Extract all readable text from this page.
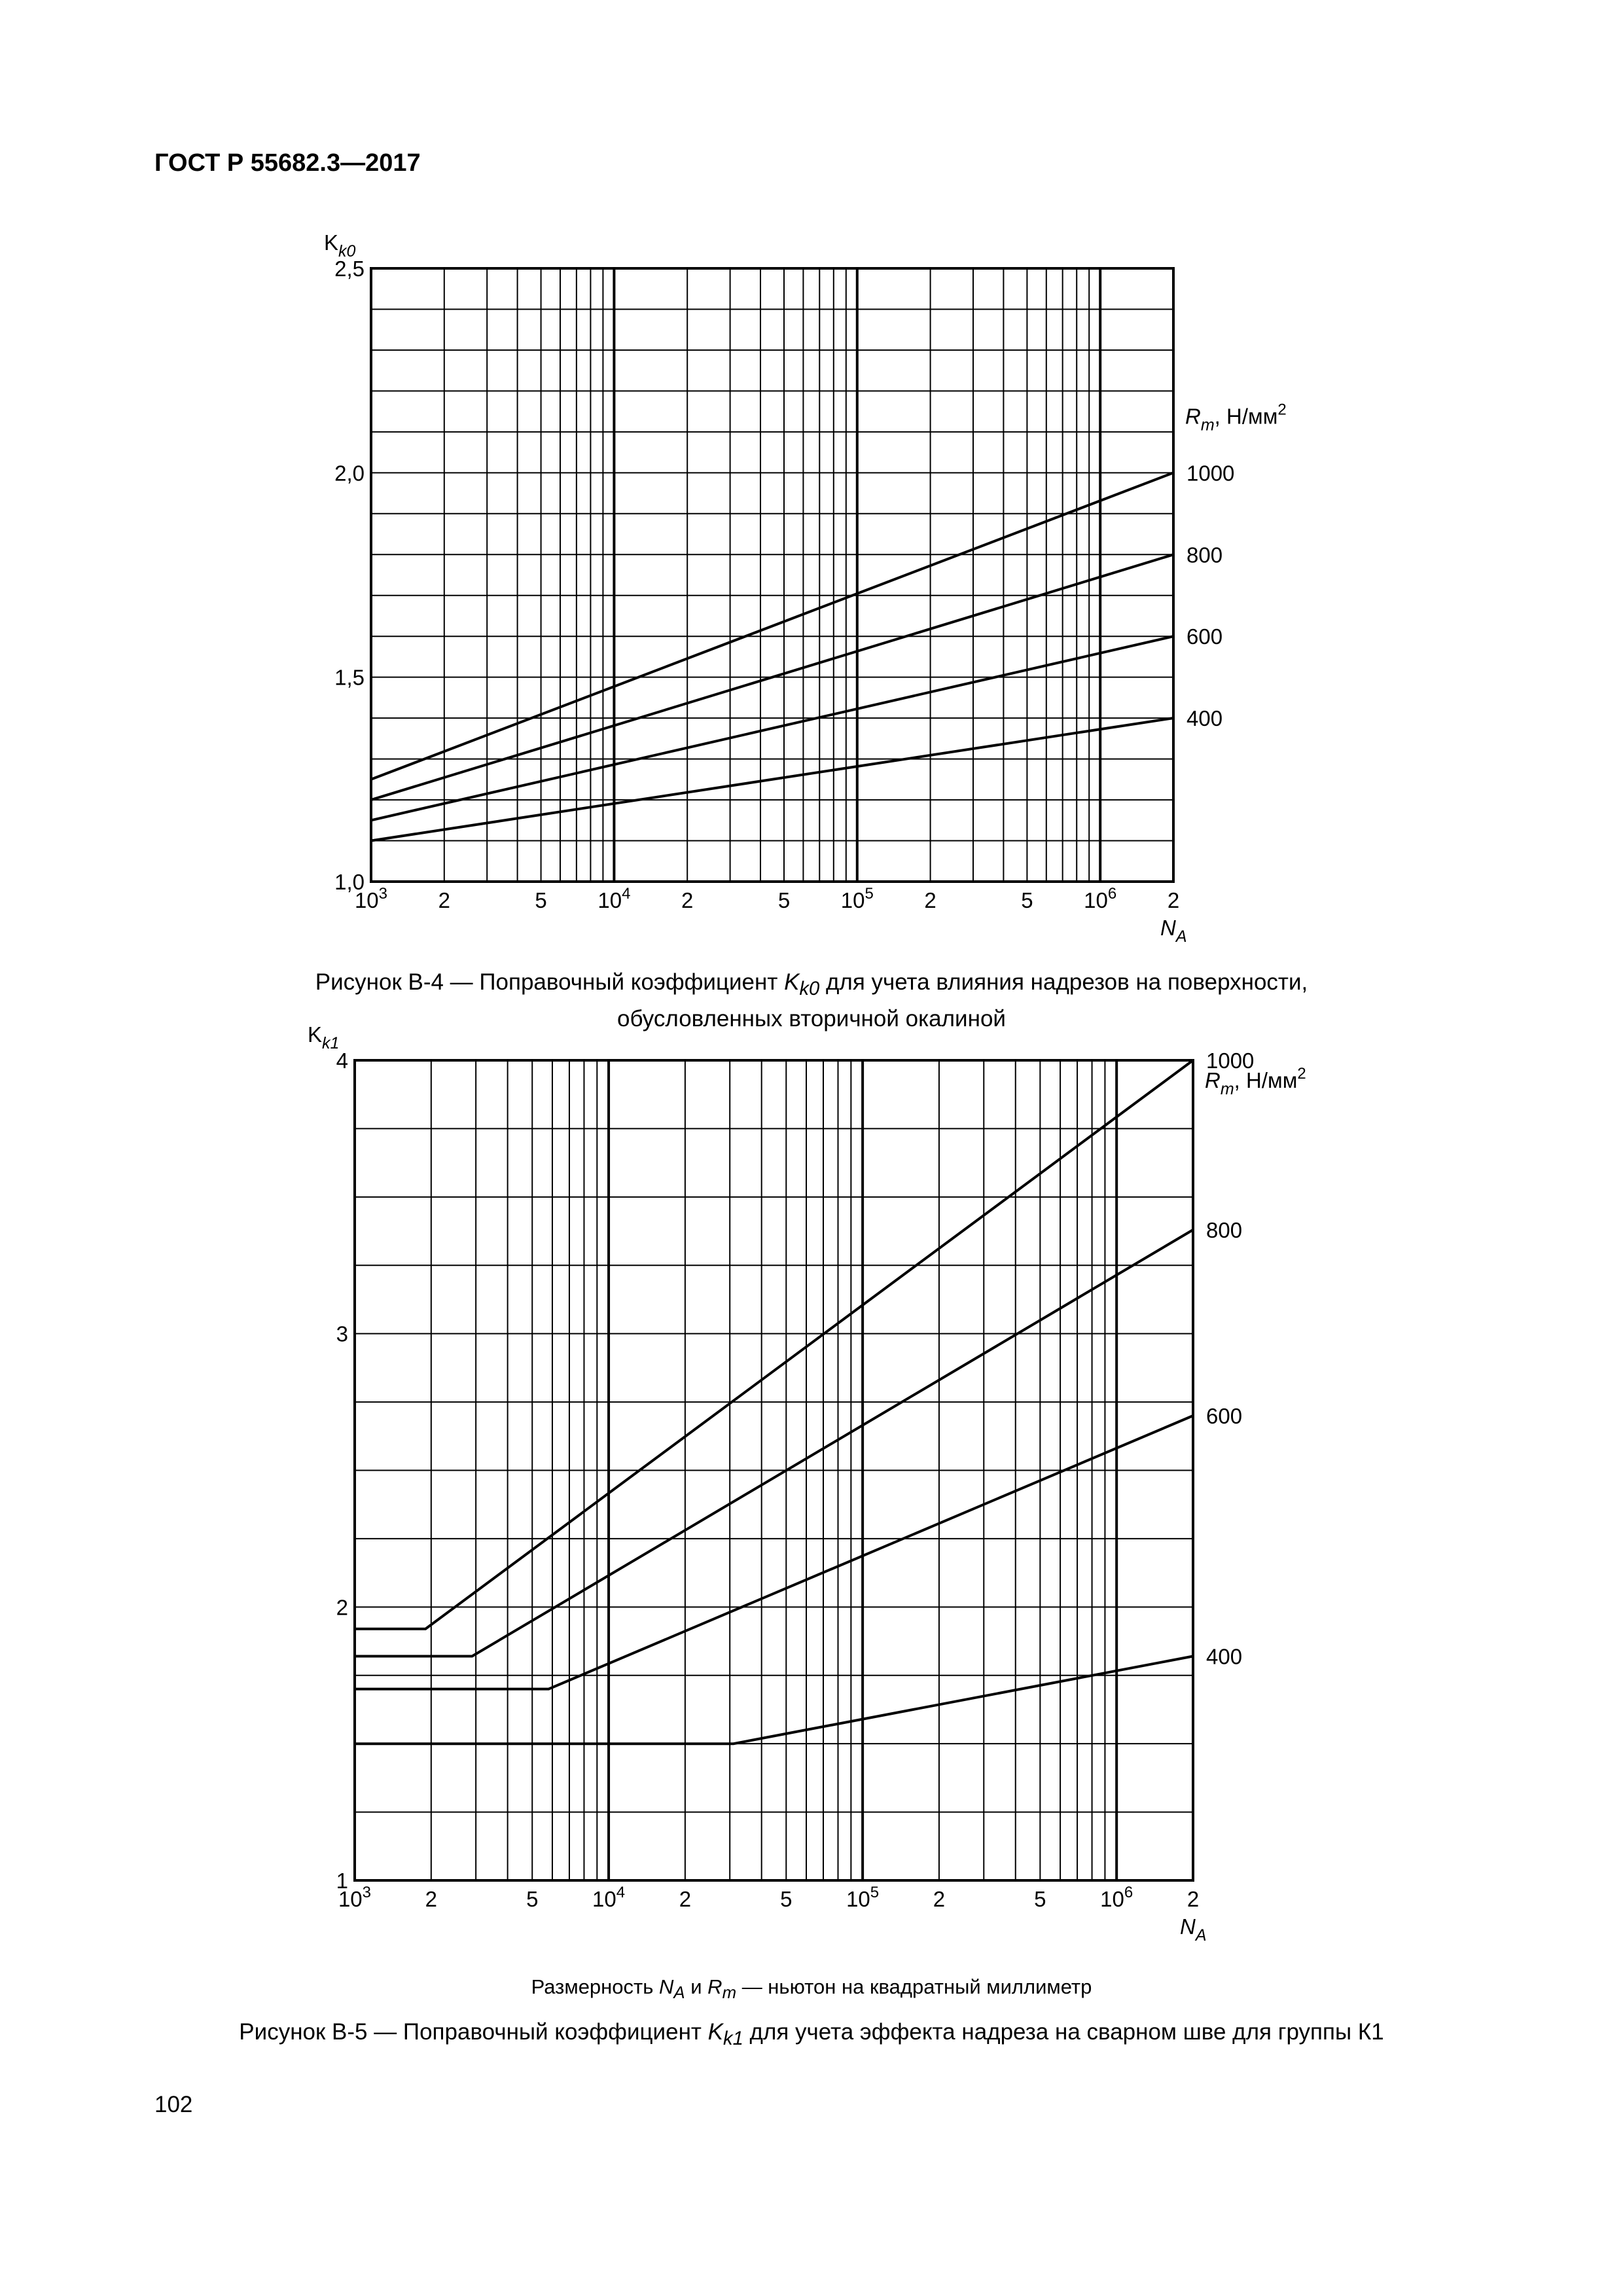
ГОСТ Р 55682.3—2017
2,5
2,0
1,5
1,0
$10^3$ 2	5 $10^4$ 2	5 $10^5$ 2	5 $10^6$ 2
$K_{k0}$
$N_A$
$R_m$, $Н/мм^2$
1000
800
600
400
4
3
2
1
$10^3$	2	5	$10^4$	2	5	$10^5$	2	5	$10^6$	2
$K_{k1}$
$N_A$
$R_m$, $Н/мм^2$
1000
800
600
400
Рисунок В-4 — Поправочный коэффициент $K_{k0}$ для учета влияния надрезов на поверхности,
обусловленных вторичной окалиной
Размерность $N_A$ и $R_m$ — ньютон на квадратный миллиметр
Рисунок В-5 — Поправочный коэффициент $K_{k1}$ для учета эффекта надреза на сварном шве для группы К1
102
